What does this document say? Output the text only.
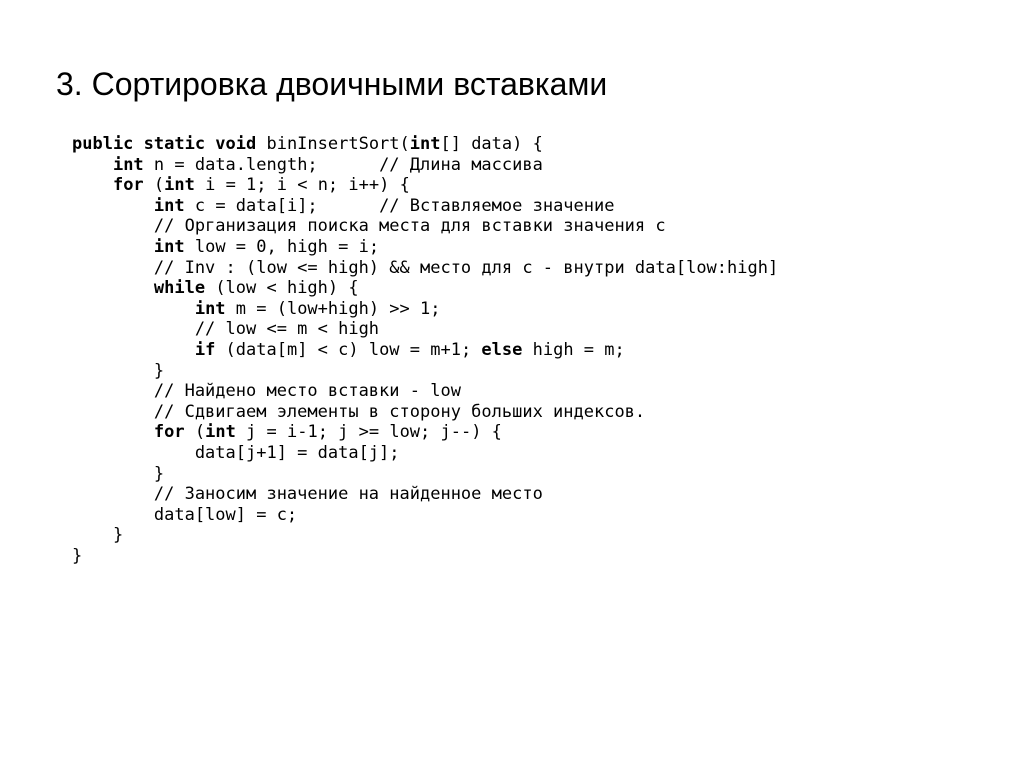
3. Сортировка двоичными вставками
public static void binInsertSort(int[] data) {
int n = data.length;      // Длина массива
for (int i = 1; i < n; i++) {
int c = data[i];      // Вставляемое значение
// Организация поиска места для вставки значения c
int low = 0, high = i;
// Inv : (low <= high) && место для c - внутри data[low:high]
while (low < high) {
int m = (low+high) >> 1;
// low <= m < high
if (data[m] < c) low = m+1; else high = m;
}
// Найдено место вставки - low
// Сдвигаем элементы в сторону больших индексов.
for (int j = i-1; j >= low; j--) {
data[j+1] = data[j];
}
// Заносим значение на найденное место
data[low] = c;
}
}
